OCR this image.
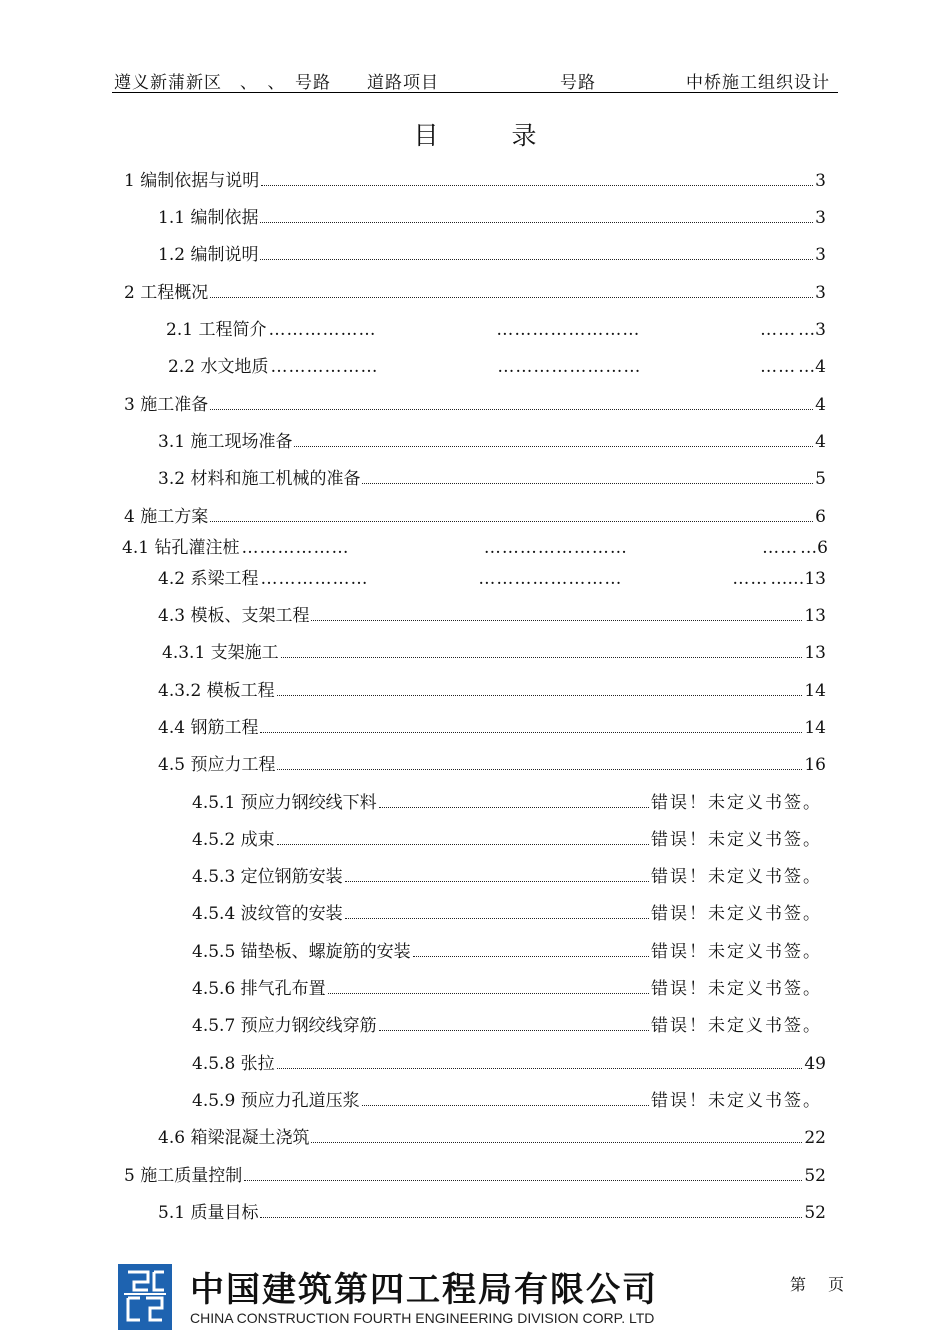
遵义新蒲新区　、　、　号路　　道路项目	号路	中桥施工组织设计
目　录
1 编制依据与说明	3
1.1 编制依据	3
1.2 编制说明	3
2 工程概况	3
2.1 工程简介 ………………	……………………	…… …3
2.2 水文地质 ………………	……………………	…… …4
3 施工准备	4
3.1 施工现场准备	4
3.2 材料和施工机械的准备	5
4 施工方案	6
4.1 钻孔灌注桩 ………………	……………………	…… …6
4.2 系梁工程 ………………	……………………	…… ……13
4.3 模板、支架工程	13
4.3.1 支架施工	13
4.3.2 模板工程	14
4.4 钢筋工程	14
4.5 预应力工程	16
4.5.1 预应力钢绞线下料	错误！未定义书签。
4.5.2 成束	错误！未定义书签。
4.5.3 定位钢筋安装	错误！未定义书签。
4.5.4 波纹管的安装	错误！未定义书签。
4.5.5 锚垫板、螺旋筋的安装	错误！未定义书签。
4.5.6 排气孔布置	错误！未定义书签。
4.5.7 预应力钢绞线穿筋	错误！未定义书签。
4.5.8 张拉	49
4.5.9 预应力孔道压浆	错误！未定义书签。
4.6 箱梁混凝土浇筑	22
5 施工质量控制	52
5.1 质量目标	52
中国建筑第四工程局有限公司
CHINA CONSTRUCTION FOURTH ENGINEERING DIVISION CORP. LTD
第页
